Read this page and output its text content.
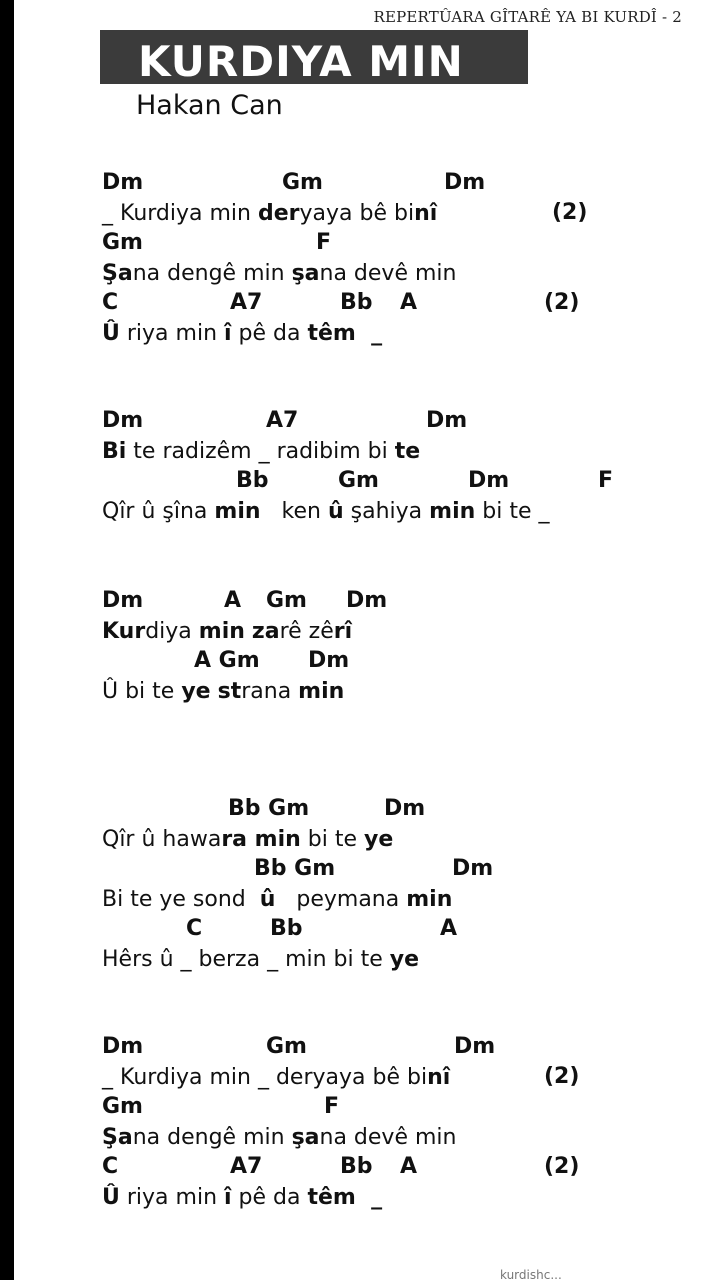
REPERTÛARA GÎTARÊ YA BI KURDÎ - 2
KURDIYA MIN
Hakan Can
Dm	Gm	Dm
_ Kurdiya min deryaya bê binî	(2)
Gm	F
Şana dengê min şana devê min
C	A7	Bb A	(2)
Û riya min î pê da têm  _
Dm	A7	Dm
Bi te radizêm _ radibim bi te
Bb	Gm	Dm	F
Qîr û şîna min   ken û şahiya min bi te _
Dm	A Gm Dm
Kurdiya min zarê zêrî
A Gm Dm
Û bi te ye strana min
Bb Gm	Dm
Qîr û hawara min bi te ye
Bb Gm	Dm
Bi te ye sond  û   peymana min
C	Bb	A
Hêrs û _ berza _ min bi te ye
Dm	Gm	Dm
_ Kurdiya min _ deryaya bê binî	(2)
Gm	F
Şana dengê min şana devê min
C	A7	Bb A	(2)
Û riya min î pê da têm  _
kurdishc...
